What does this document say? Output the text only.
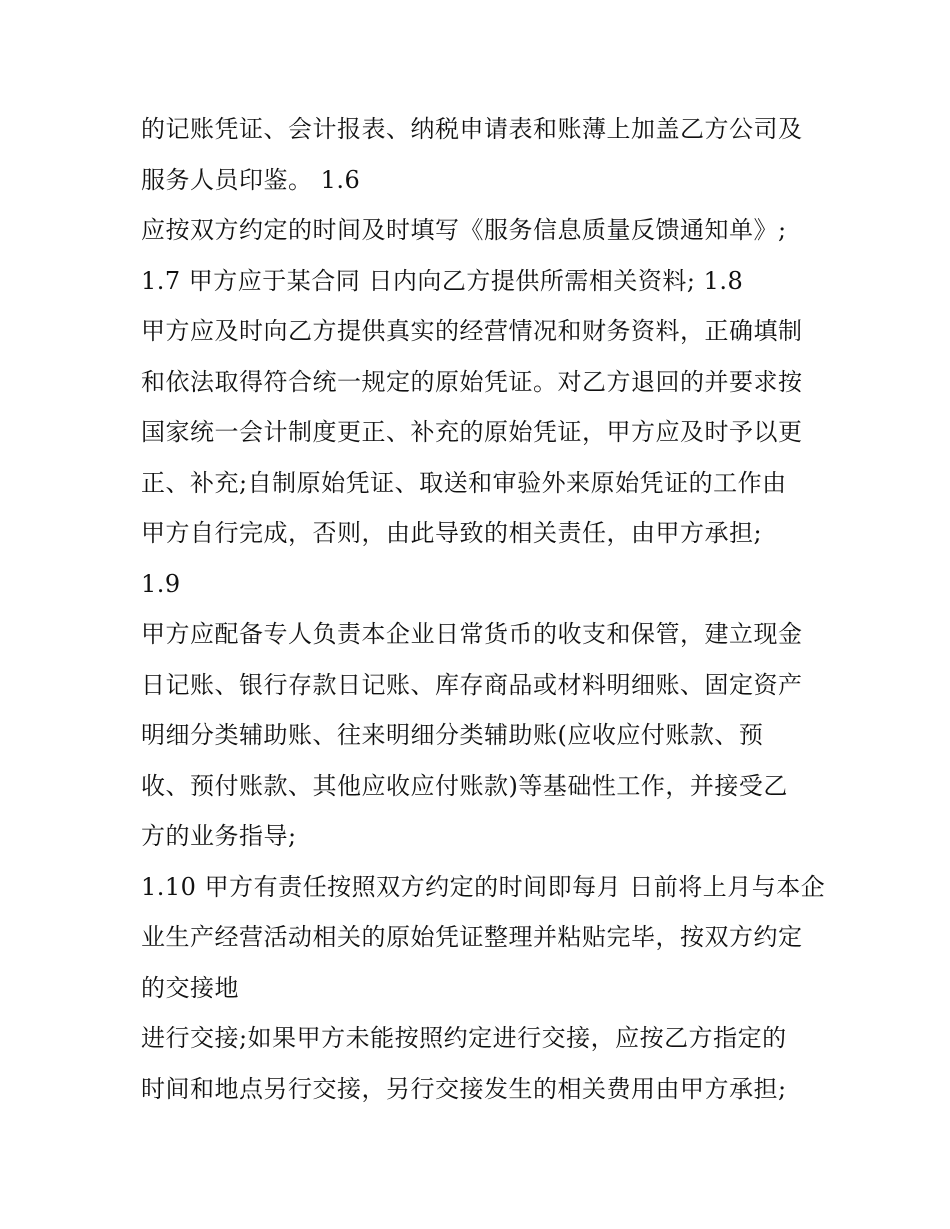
的记账凭证、会计报表、纳税申请表和账薄上加盖乙方公司及
服务人员印鉴。 1.6
应按双方约定的时间及时填写《服务信息质量反馈通知单》;
1.7 甲方应于某合同 日内向乙方提供所需相关资料; 1.8
甲方应及时向乙方提供真实的经营情况和财务资料，正确填制
和依法取得符合统一规定的原始凭证。对乙方退回的并要求按
国家统一会计制度更正、补充的原始凭证，甲方应及时予以更
正、补充;自制原始凭证、取送和审验外来原始凭证的工作由
甲方自行完成，否则，由此导致的相关责任，由甲方承担;
1.9
甲方应配备专人负责本企业日常货币的收支和保管，建立现金
日记账、银行存款日记账、库存商品或材料明细账、固定资产
明细分类辅助账、往来明细分类辅助账(应收应付账款、预
收、预付账款、其他应收应付账款)等基础性工作，并接受乙
方的业务指导;
1.10 甲方有责任按照双方约定的时间即每月 日前将上月与本企
业生产经营活动相关的原始凭证整理并粘贴完毕，按双方约定
的交接地
进行交接;如果甲方未能按照约定进行交接，应按乙方指定的
时间和地点另行交接，另行交接发生的相关费用由甲方承担;
